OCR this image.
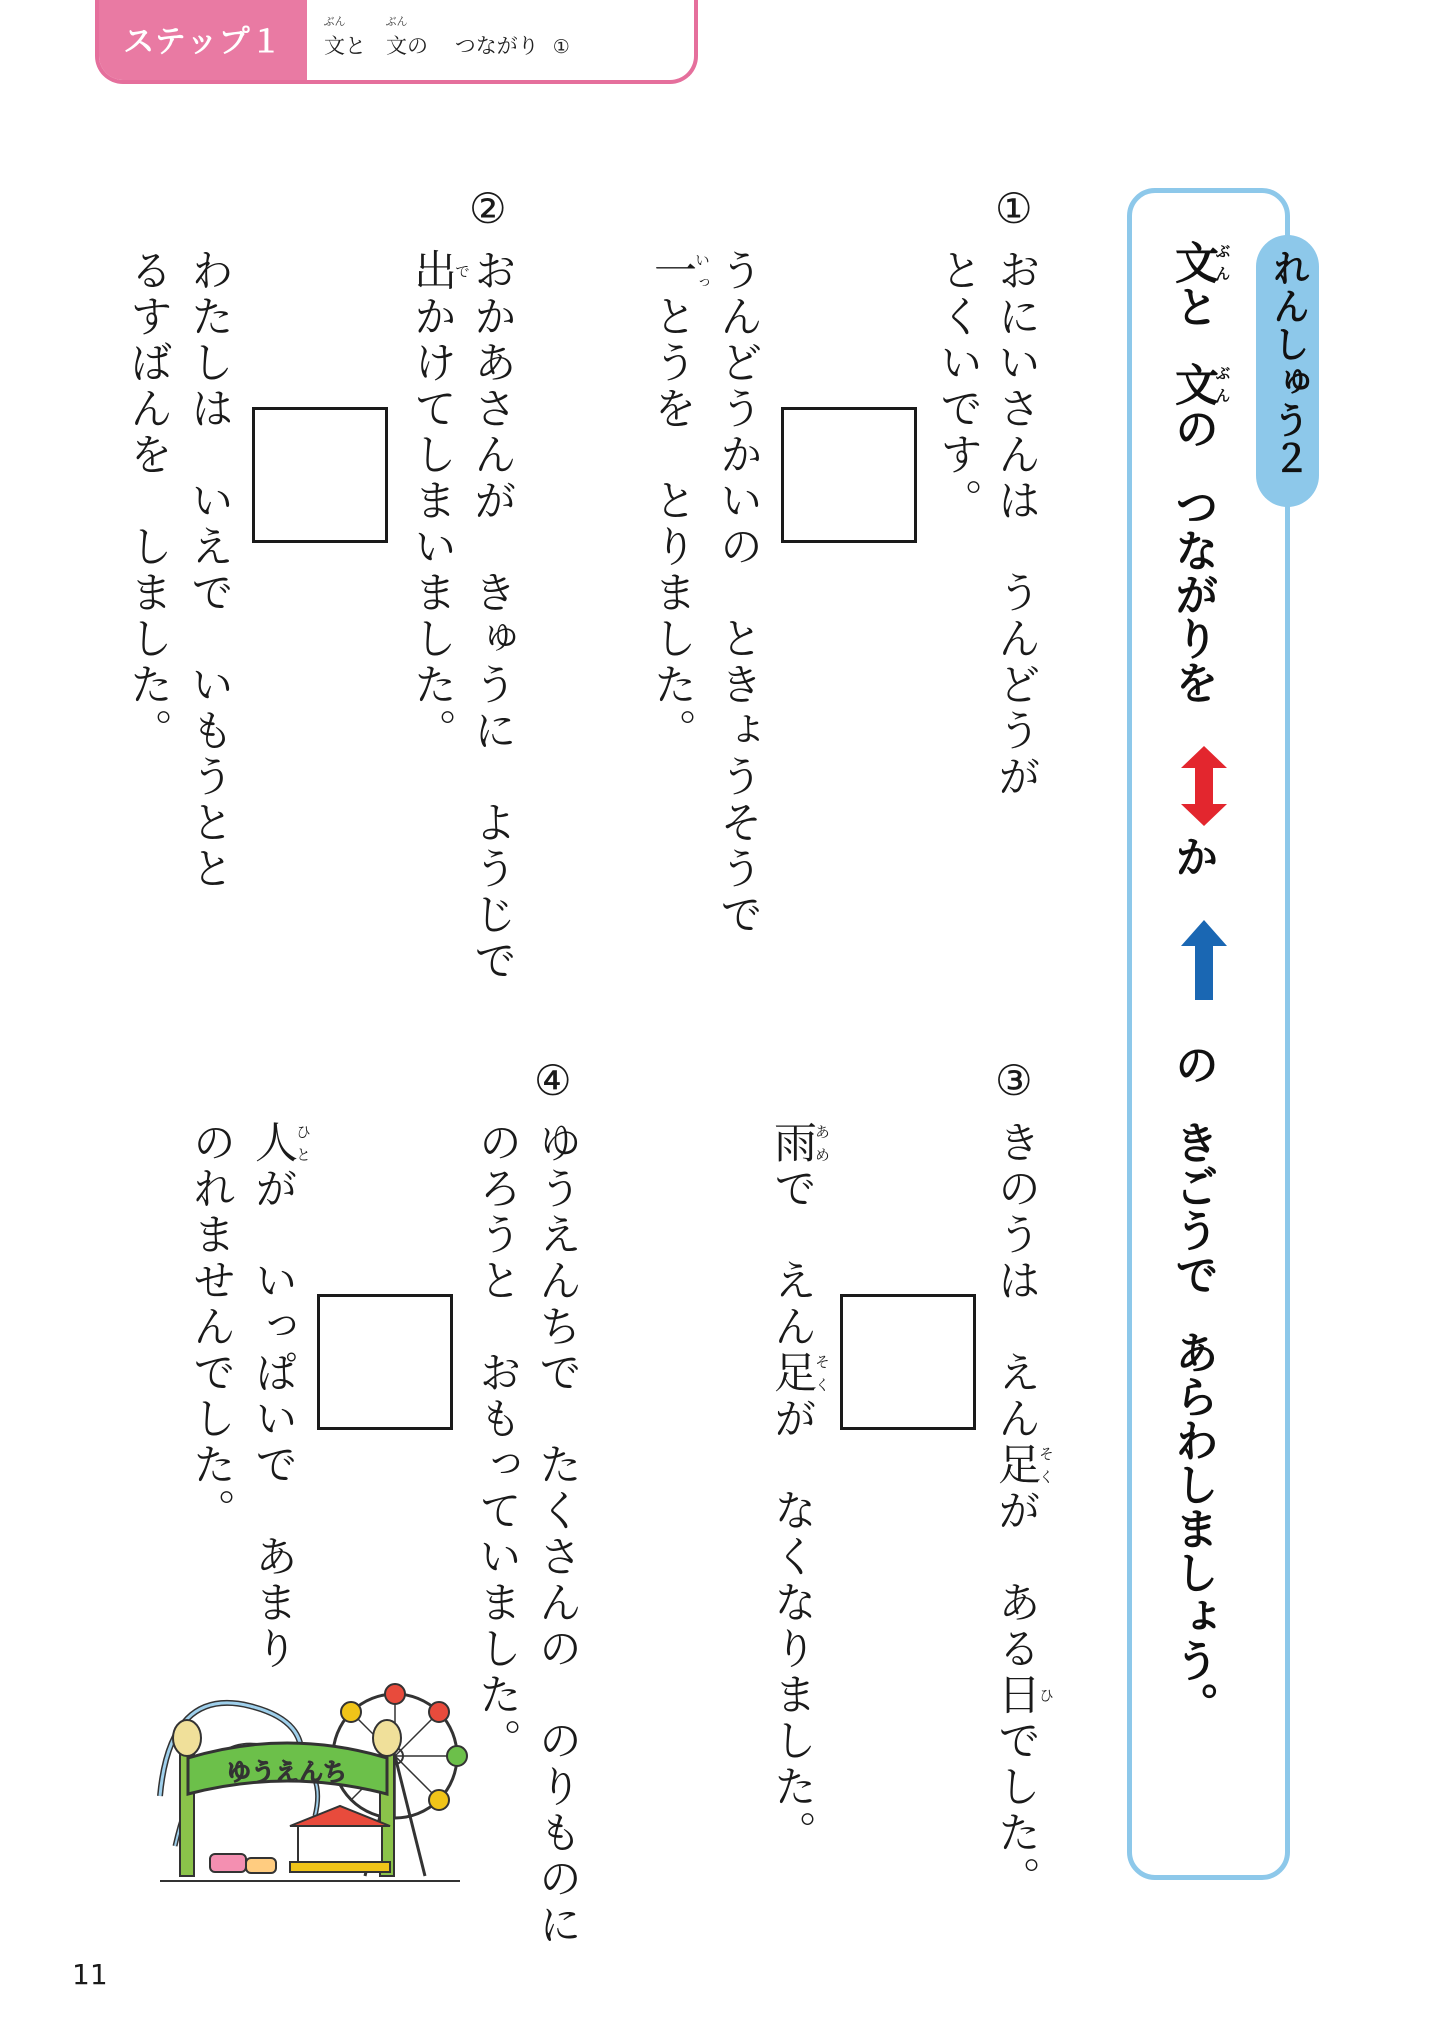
ステップ１
ぶん
文と
ぶん
文の つながり ①
れんしゅう２
文ぶんと文ぶんのつながりを
か
のきごうであらわしましょう。
①
おにいさんは　うんどうが
とくいです。
うんどうかいの　ときょうそうで
一いっとうを　とりました。
②
おかあさんが　きゅうに　ようじで
出でかけてしまいました。
わたしは　いえで　いもうとと
るすばんを　しました。
③
きのうは　えん足そくが　ある日ひでした。
雨あめで　えん足そくが　なくなりました。
④
ゆうえんちで　たくさんの　のりものに
のろうと　おもっていました。
人ひとが　いっぱいで　あまり
のれませんでした。
ゆうえんち
11
